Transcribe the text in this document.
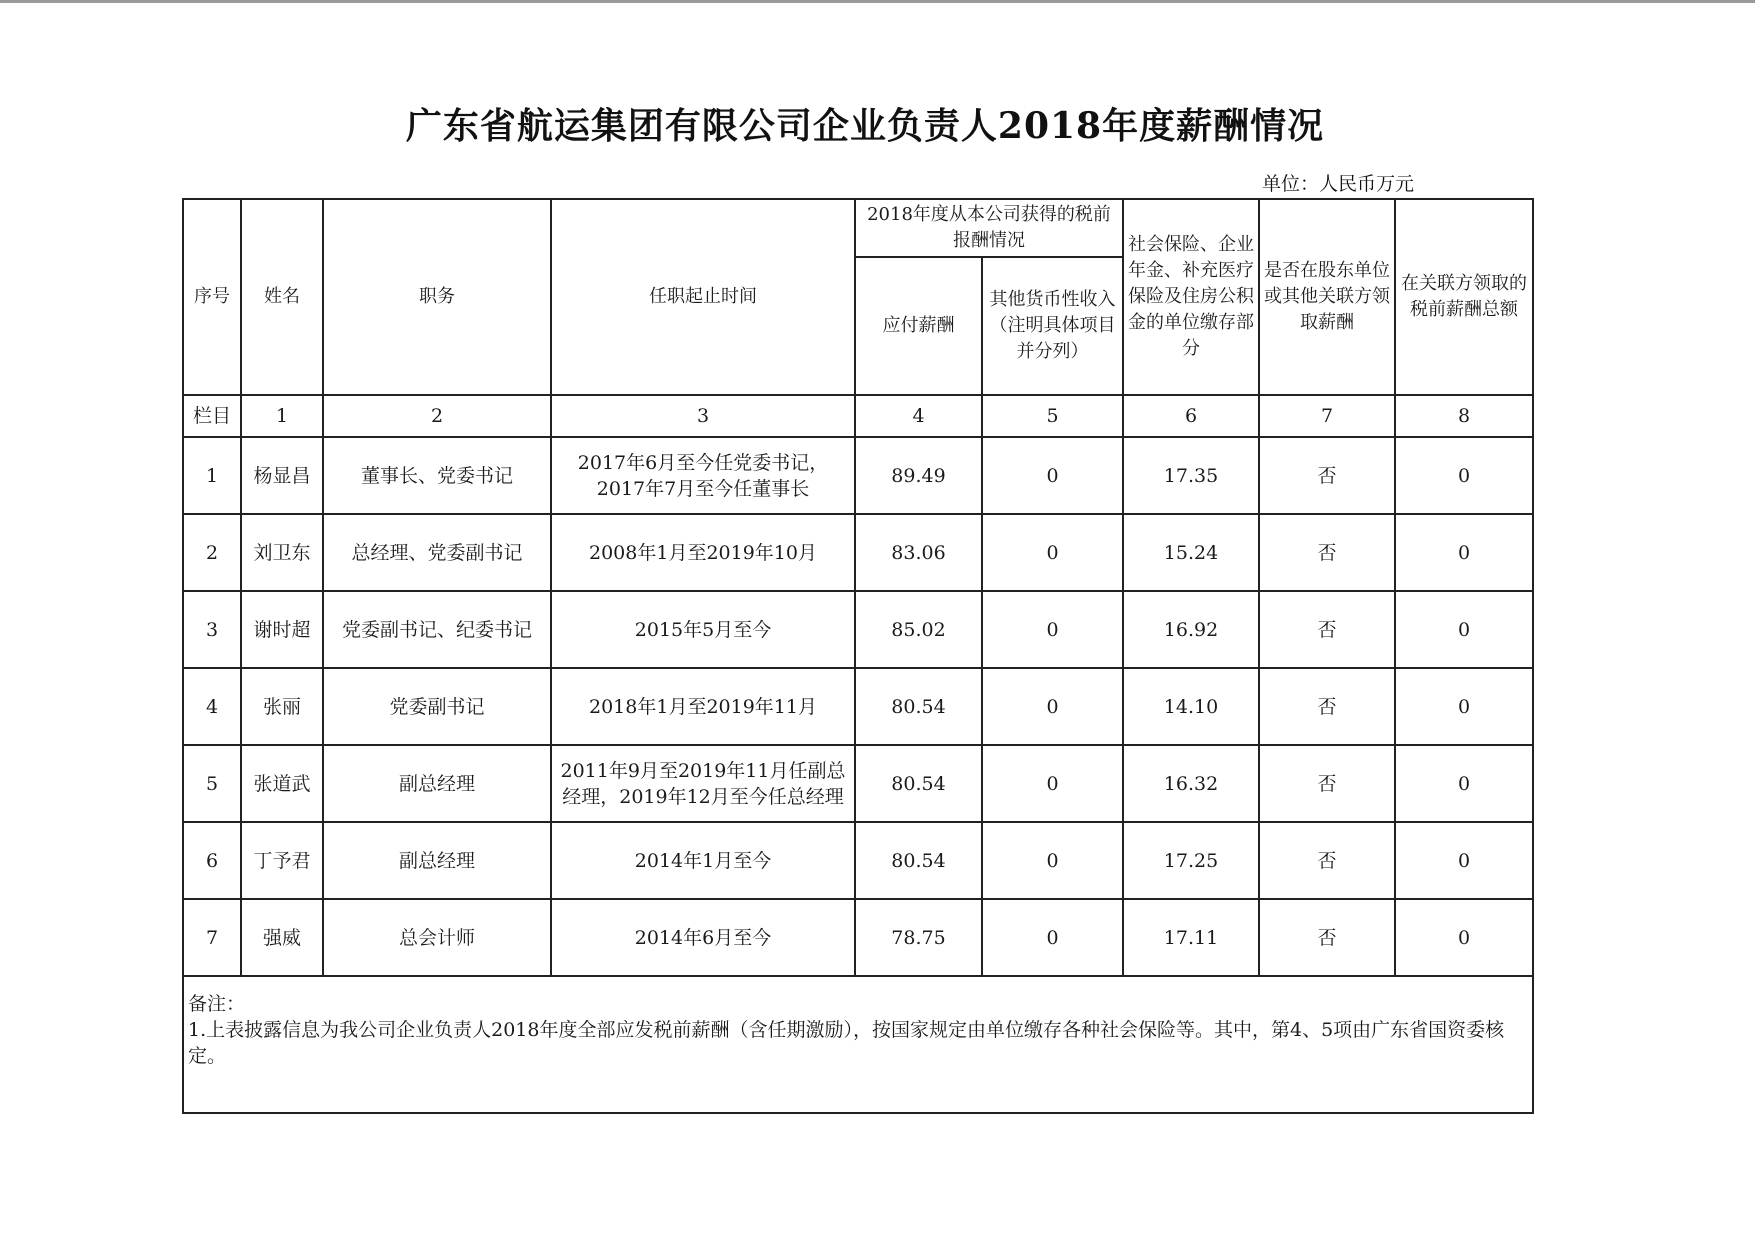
广东省航运集团有限公司企业负责人2018年度薪酬情况
单位：人民币万元
序号	姓名	职务	任职起止时间	2018年度从本公司获得的税前报酬情况		社会保险、企业年金、补充医疗保险及住房公积金的单位缴存部分	是否在股东单位或其他关联方领取薪酬	在关联方领取的税前薪酬总额
				应付薪酬	其他货币性收入（注明具体项目并分列）			
栏目	1	2	3	4	5	6	7	8
1	杨显昌	董事长、党委书记	2017年6月至今任党委书记，2017年7月至今任董事长	89.49	0	17.35	否	0
2	刘卫东	总经理、党委副书记	2008年1月至2019年10月	83.06	0	15.24	否	0
3	谢时超	党委副书记、纪委书记	2015年5月至今	85.02	0	16.92	否	0
4	张丽	党委副书记	2018年1月至2019年11月	80.54	0	14.10	否	0
5	张道武	副总经理	2011年9月至2019年11月任副总经理，2019年12月至今任总经理	80.54	0	16.32	否	0
6	丁予君	副总经理	2014年1月至今	80.54	0	17.25	否	0
7	强威	总会计师	2014年6月至今	78.75	0	17.11	否	0

备注：
1.上表披露信息为我公司企业负责人2018年度全部应发税前薪酬（含任期激励），按国家规定由单位缴存各种社会保险等。其中，第4、5项由广东省国资委核定。								
